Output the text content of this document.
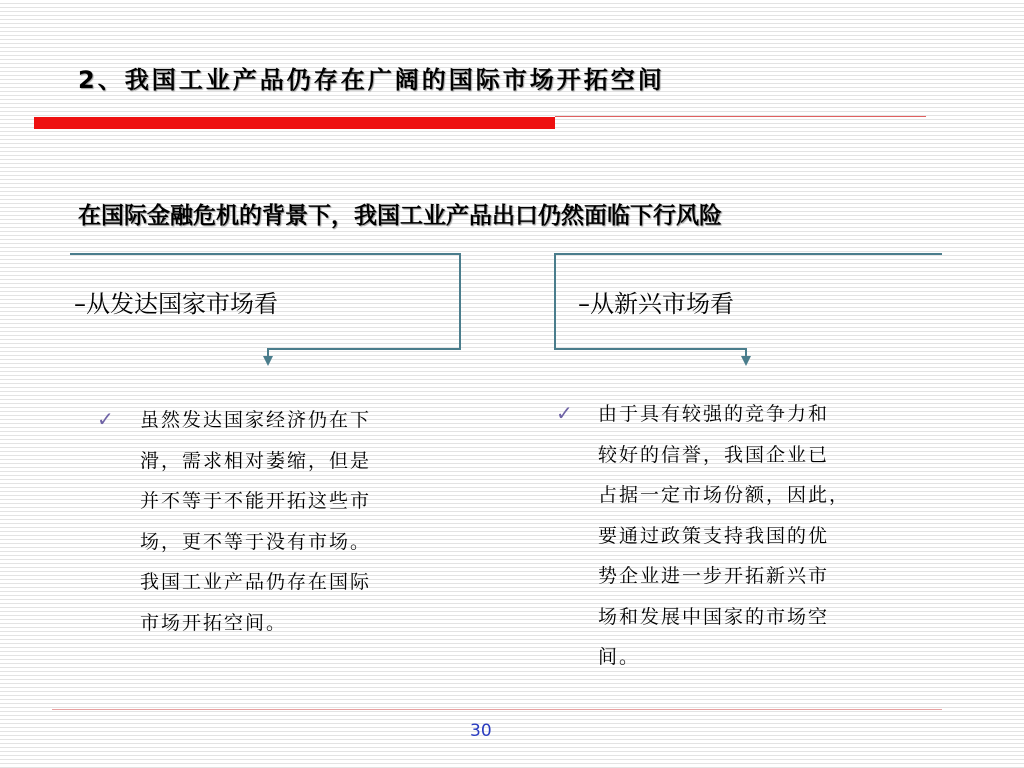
2、我国工业产品仍存在广阔的国际市场开拓空间
在国际金融危机的背景下，我国工业产品出口仍然面临下行风险
–从发达国家市场看	–从新兴市场看
✓ 虽然发达国家经济仍在下
滑，需求相对萎缩，但是
并不等于不能开拓这些市
场，更不等于没有市场。
我国工业产品仍存在国际
市场开拓空间。
✓ 由于具有较强的竞争力和
较好的信誉，我国企业已
占据一定市场份额，因此，
要通过政策支持我国的优
势企业进一步开拓新兴市
场和发展中国家的市场空
间。
30
